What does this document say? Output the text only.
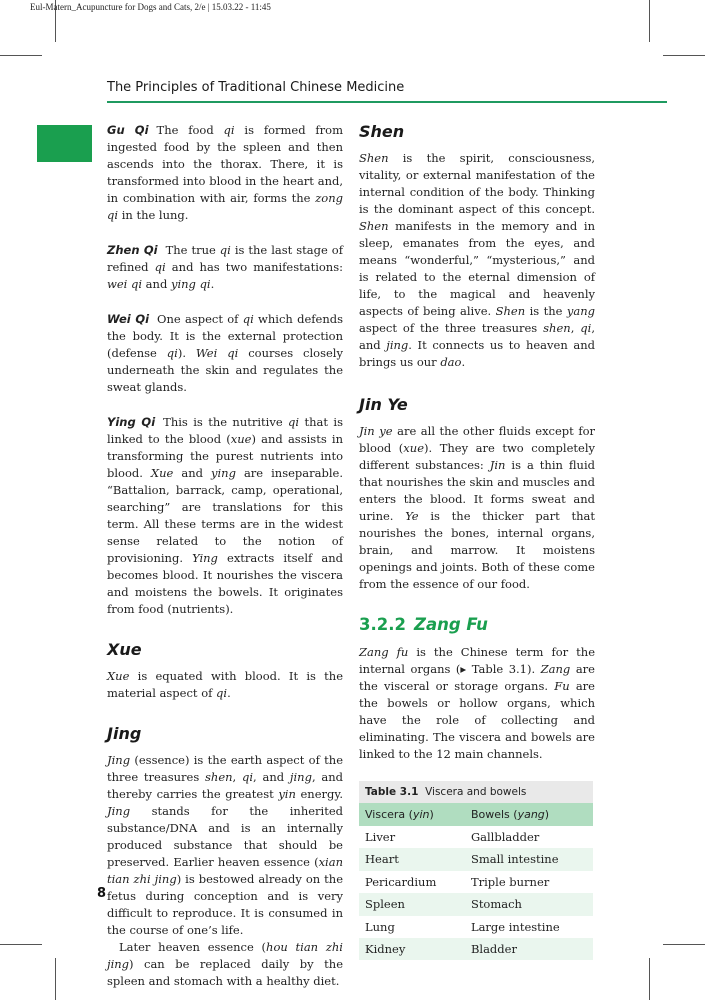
Eul-Matern_Acupuncture for Dogs and Cats, 2/e | 15.03.22 - 11:45
The Principles of Traditional Chinese Medicine

Gu Qi The food qi is formed from ingested food by the spleen and then ascends into the thorax. There, it is transformed into blood in the heart and, in combination with air, forms the zong qi in the lung.

Zhen Qi The true qi is the last stage of refined qi and has two manifestations: wei qi and ying qi.

Wei Qi One aspect of qi which defends the body. It is the external protection (defense qi). Wei qi courses closely underneath the skin and regulates the sweat glands.

Ying Qi This is the nutritive qi that is linked to the blood (xue) and assists in transforming the purest nutrients into blood. Xue and ying are inseparable. “Battalion, barrack, camp, operational, searching” are translations for this term. All these terms are in the widest sense related to the notion of provisioning. Ying extracts itself and becomes blood. It nourishes the viscera and moistens the bowels. It originates from food (nutrients).

Xue

Xue is equated with blood. It is the material aspect of qi.

Jing

Jing (essence) is the earth aspect of the three treasures shen, qi, and jing, and thereby carries the greatest yin energy. Jing stands for the inherited substance/DNA and is an internally produced substance that should be preserved. Earlier heaven essence (xian tian zhi jing) is bestowed already on the fetus during conception and is very difficult to reproduce. It is consumed in the course of one’s life.

Later heaven essence (hou tian zhi jing) can be replaced daily by the spleen and stomach with a healthy diet.

Shen

Shen is the spirit, consciousness, vitality, or external manifestation of the internal condition of the body. Thinking is the dominant aspect of this concept. Shen manifests in the memory and in sleep, emanates from the eyes, and means “wonderful,” “mysterious,” and is related to the eternal dimension of life, to the magical and heavenly aspects of being alive. Shen is the yang aspect of the three treasures shen, qi, and jing. It connects us to heaven and brings us our dao.

Jin Ye

Jin ye are all the other fluids except for blood (xue). They are two completely different substances: Jin is a thin fluid that nourishes the skin and muscles and enters the blood. It forms sweat and urine. Ye is the thicker part that nourishes the bones, internal organs, brain, and marrow. It moistens openings and joints. Both of these come from the essence of our food.

3.2.2 Zang Fu

Zang fu is the Chinese term for the internal organs (▸ Table 3.1). Zang are the visceral or storage organs. Fu are the bowels or hollow organs, which have the role of collecting and eliminating. The viscera and bowels are linked to the 12 main channels.

Table 3.1 Viscera and bowels
Viscera (yin)	Bowels (yang)
Liver	Gallbladder
Heart	Small intestine
Pericardium	Triple burner
Spleen	Stomach
Lung	Large intestine
Kidney	Bladder
8
